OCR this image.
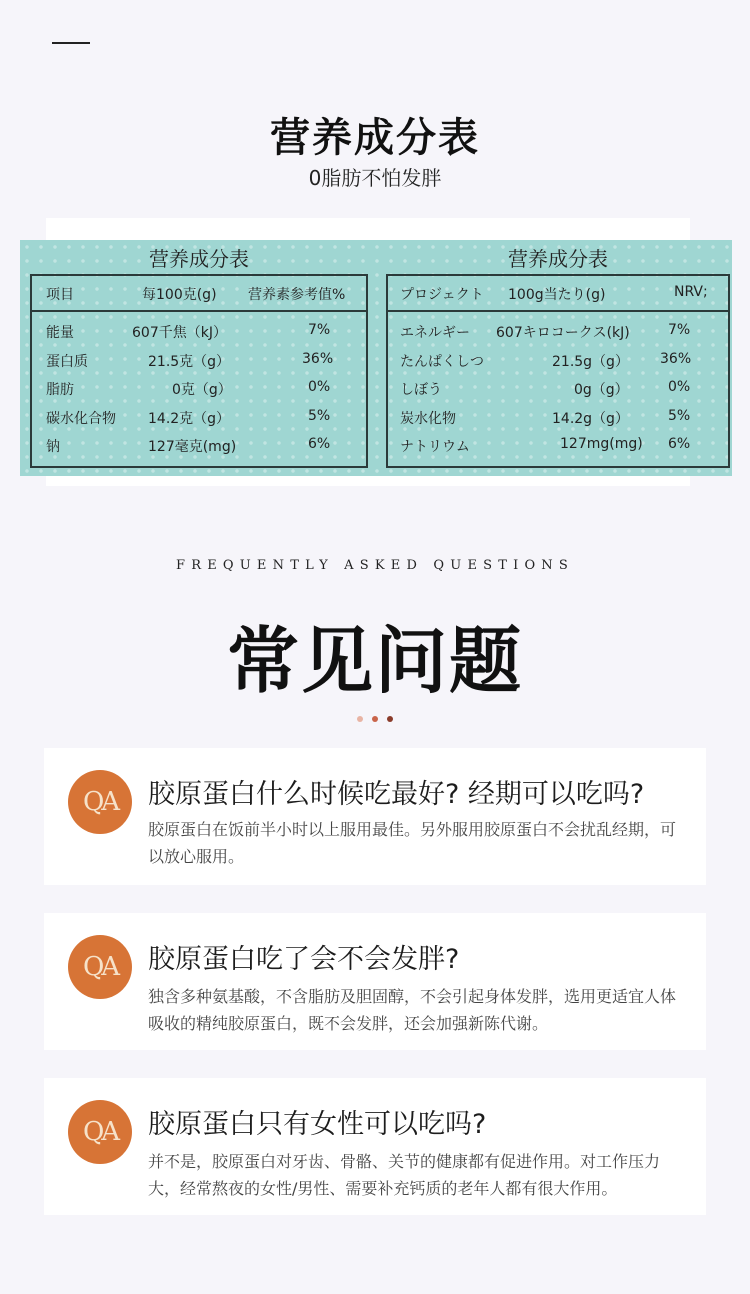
营养成分表
0脂肪不怕发胖
营养成分表
项目	每100克(g) 营养素参考值%
能量	607千焦（kJ）	7%
蛋白质	21.5克（g）	36%
脂肪	0克（g）	0%
碳水化合物 14.2克（g）	5%
钠	127毫克(mg)	6%
营养成分表
プロジェクト 100g当たり(g)	NRV;
エネルギー 607キロコークス(kJ)	7%
たんぱくしつ	21.5g（g） 36%
しぼう	0g（g）	0%
炭水化物	14.2g（g）	5%
ナトリウム	127mg(mg) 6%
FREQUENTLY ASKED QUESTIONS
常见问题

QA	胶原蛋白什么时候吃最好? 经期可以吃吗?
胶原蛋白在饭前半小时以上服用最佳。另外服用胶原蛋白不会扰乱经期，可以放心服用。
QA	胶原蛋白吃了会不会发胖?
独含多种氨基酸，不含脂肪及胆固醇，不会引起身体发胖，选用更适宜人体吸收的精纯胶原蛋白，既不会发胖，还会加强新陈代谢。
QA	胶原蛋白只有女性可以吃吗?
并不是，胶原蛋白对牙齿、骨骼、关节的健康都有促进作用。对工作压力大，经常熬夜的女性/男性、需要补充钙质的老年人都有很大作用。
